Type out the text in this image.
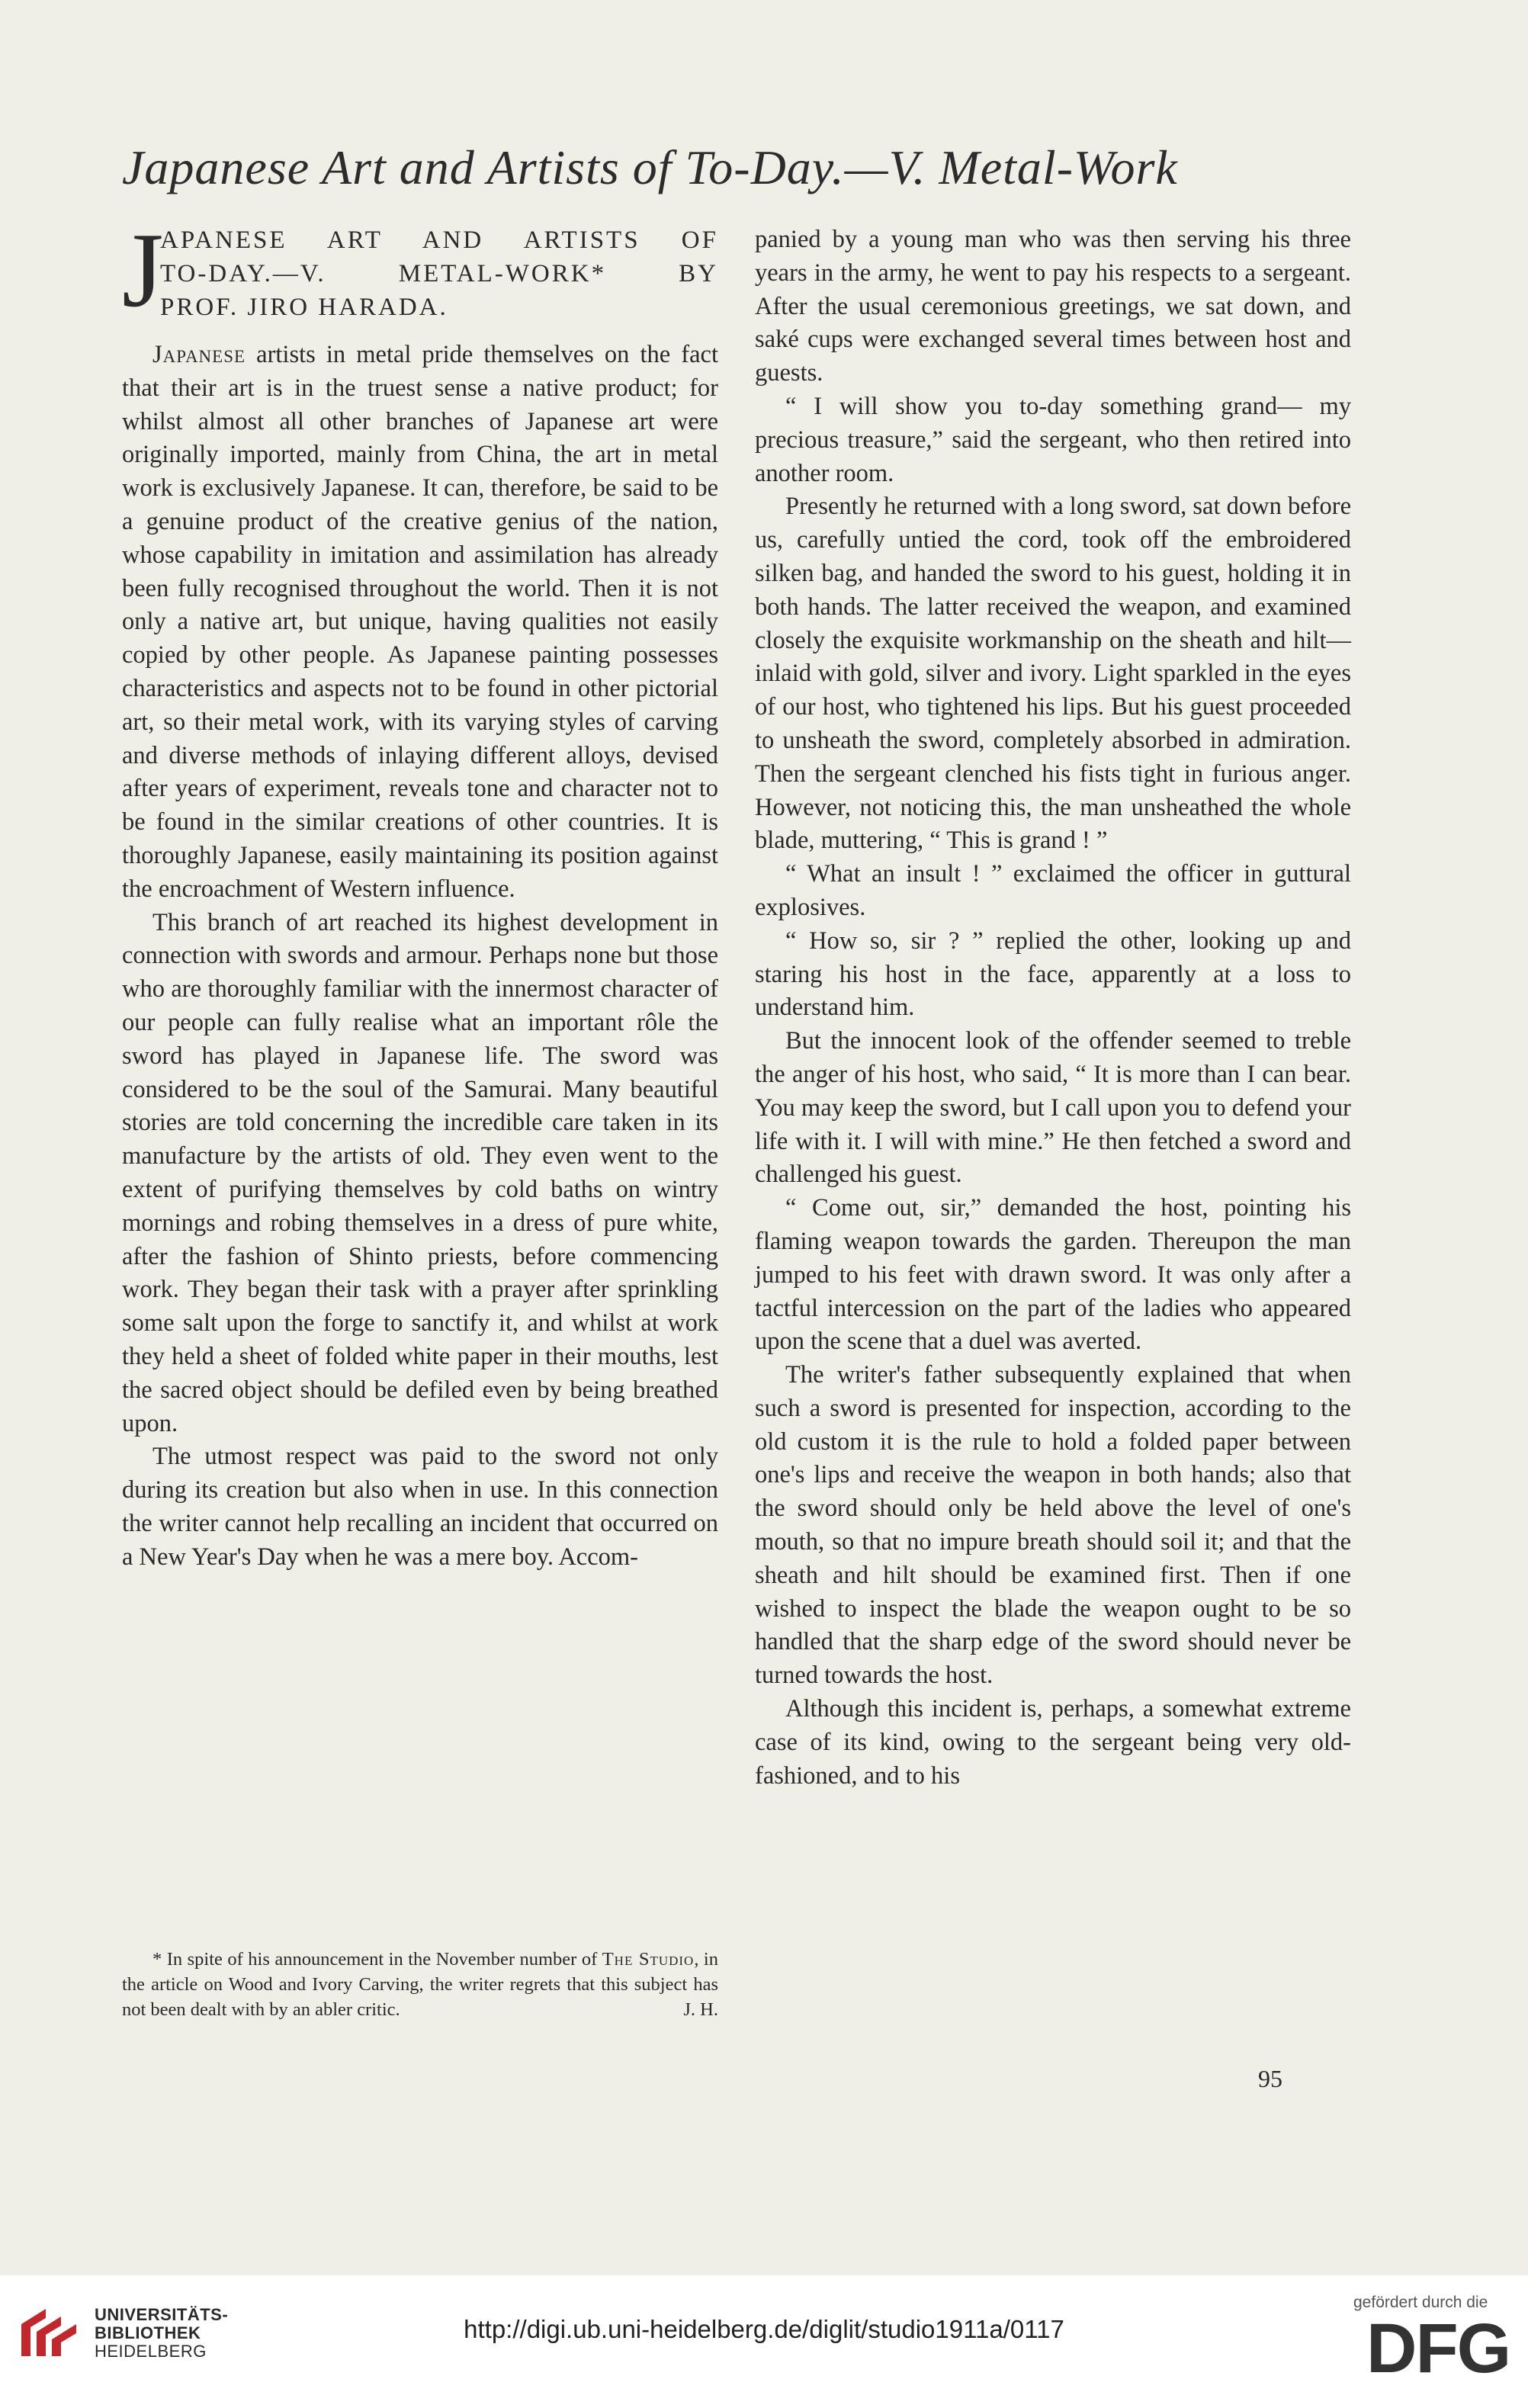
Japanese Art and Artists of To-Day.—V. Metal-Work
J
APANESE ART AND ARTISTS OF
TO-DAY.—V. METAL-WORK* BY
PROF. JIRO HARADA.

Japanese artists in metal pride themselves on the fact that their art is in the truest sense a native product; for whilst almost all other branches of Japanese art were originally imported, mainly from China, the art in metal work is exclusively Japanese. It can, therefore, be said to be a genuine product of the creative genius of the nation, whose capability in imitation and assimilation has already been fully recognised throughout the world. Then it is not only a native art, but unique, having qualities not easily copied by other people. As Japanese painting possesses characteristics and aspects not to be found in other pictorial art, so their metal work, with its varying styles of carving and diverse methods of inlaying different alloys, devised after years of experiment, reveals tone and character not to be found in the similar creations of other countries. It is thoroughly Japanese, easily maintaining its position against the encroachment of Western influence.

This branch of art reached its highest development in connection with swords and armour. Perhaps none but those who are thoroughly familiar with the innermost character of our people can fully realise what an important rôle the sword has played in Japanese life. The sword was considered to be the soul of the Samurai. Many beautiful stories are told concerning the incredible care taken in its manufacture by the artists of old. They even went to the extent of purifying themselves by cold baths on wintry mornings and robing themselves in a dress of pure white, after the fashion of Shinto priests, before commencing work. They began their task with a prayer after sprinkling some salt upon the forge to sanctify it, and whilst at work they held a sheet of folded white paper in their mouths, lest the sacred object should be defiled even by being breathed upon.

The utmost respect was paid to the sword not only during its creation but also when in use. In this connection the writer cannot help recalling an incident that occurred on a New Year's Day when he was a mere boy. Accom-

* In spite of his announcement in the November number of The Studio, in the article on Wood and Ivory Carving, the writer regrets that this subject has not been dealt with by an abler critic.	J. H.

panied by a young man who was then serving his three years in the army, he went to pay his respects to a sergeant. After the usual ceremonious greetings, we sat down, and saké cups were exchanged several times between host and guests.

“ I will show you to-day something grand— my precious treasure,” said the sergeant, who then retired into another room.

Presently he returned with a long sword, sat down before us, carefully untied the cord, took off the embroidered silken bag, and handed the sword to his guest, holding it in both hands. The latter received the weapon, and examined closely the exquisite workmanship on the sheath and hilt—inlaid with gold, silver and ivory. Light sparkled in the eyes of our host, who tightened his lips. But his guest proceeded to unsheath the sword, completely absorbed in admiration. Then the sergeant clenched his fists tight in furious anger. However, not noticing this, the man unsheathed the whole blade, muttering, “ This is grand ! ”

“ What an insult ! ” exclaimed the officer in guttural explosives.

“ How so, sir ? ” replied the other, looking up and staring his host in the face, apparently at a loss to understand him.

But the innocent look of the offender seemed to treble the anger of his host, who said, “ It is more than I can bear. You may keep the sword, but I call upon you to defend your life with it. I will with mine.” He then fetched a sword and challenged his guest.

“ Come out, sir,” demanded the host, pointing his flaming weapon towards the garden. Thereupon the man jumped to his feet with drawn sword. It was only after a tactful intercession on the part of the ladies who appeared upon the scene that a duel was averted.

The writer's father subsequently explained that when such a sword is presented for inspection, according to the old custom it is the rule to hold a folded paper between one's lips and receive the weapon in both hands; also that the sword should only be held above the level of one's mouth, so that no impure breath should soil it; and that the sheath and hilt should be examined first. Then if one wished to inspect the blade the weapon ought to be so handled that the sharp edge of the sword should never be turned towards the host.

Although this incident is, perhaps, a somewhat extreme case of its kind, owing to the sergeant being very old-fashioned, and to his

95
UNIVERSITÄTS-
BIBLIOTHEK
HEIDELBERG
http://digi.ub.uni-heidelberg.de/diglit/studio1911a/0117
gefördert durch die
DFG
